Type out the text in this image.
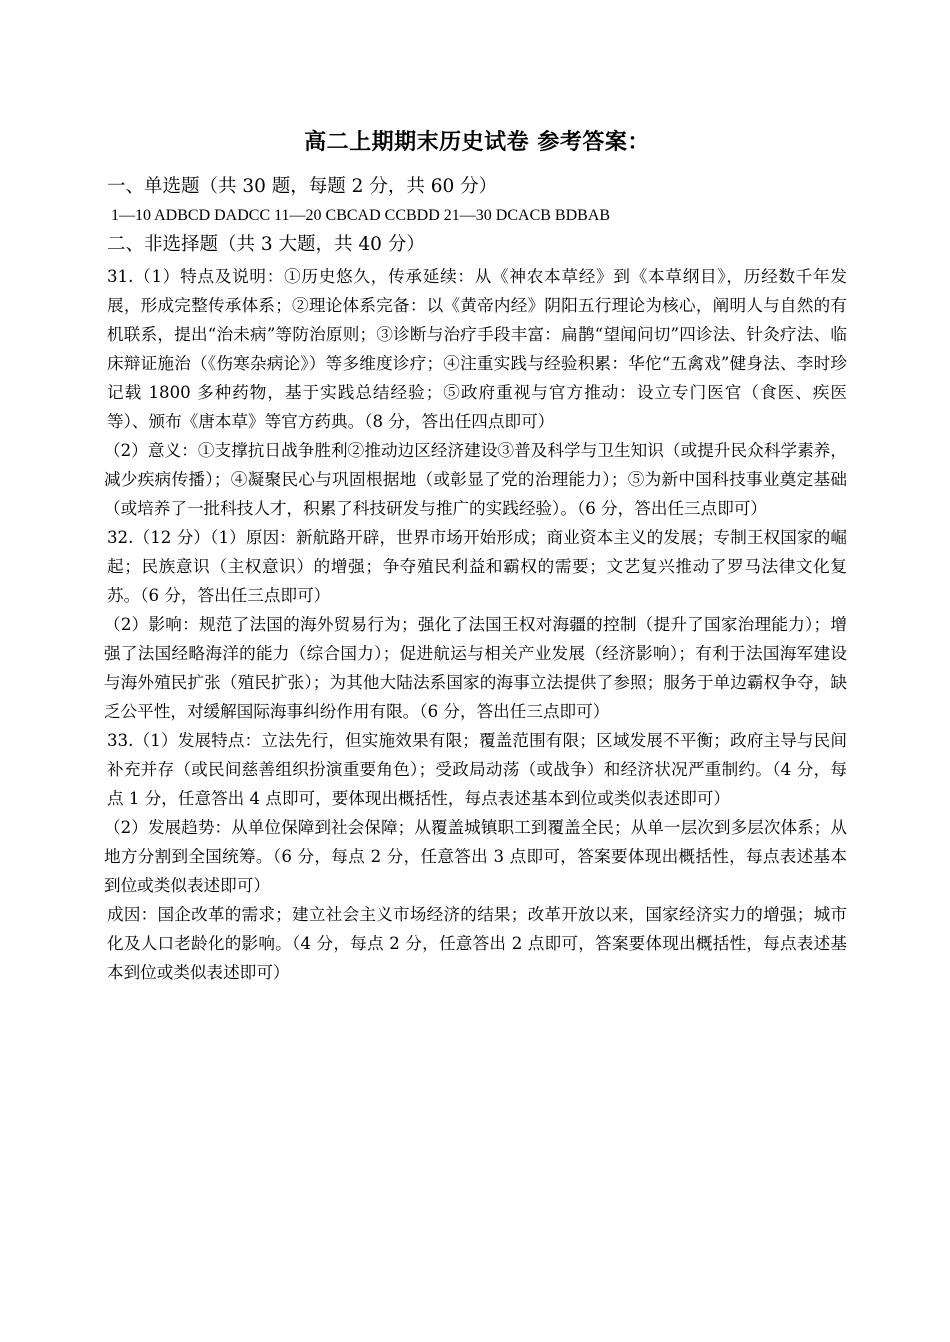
高二上期期末历史试卷 参考答案：
一、单选题（共 30 题，每题 2 分，共 60 分）
1—10 ADBCD DADCC 11—20 CBCAD CCBDD 21—30 DCACB BDBAB
二、非选择题（共 3 大题，共 40 分）

31.（1）特点及说明：①历史悠久，传承延续：从《神农本草经》到《本草纲目》，历经数千年发展，形成完整传承体系；②理论体系完备：以《黄帝内经》阴阳五行理论为核心，阐明人与自然的有机联系，提出“治未病”等防治原则；③诊断与治疗手段丰富：扁鹊“望闻问切”四诊法、针灸疗法、临床辩证施治（《伤寒杂病论》）等多维度诊疗；④注重实践与经验积累：华佗“五禽戏”健身法、李时珍记载 1800 多种药物，基于实践总结经验；⑤政府重视与官方推动：设立专门医官（食医、疾医等）、颁布《唐本草》等官方药典。（8 分，答出任四点即可）

（2）意义：①支撑抗日战争胜利②推动边区经济建设③普及科学与卫生知识（或提升民众科学素养，减少疾病传播）；④凝聚民心与巩固根据地（或彰显了党的治理能力）；⑤为新中国科技事业奠定基础（或培养了一批科技人才，积累了科技研发与推广的实践经验）。（6 分，答出任三点即可）

32.（12 分）（1）原因：新航路开辟，世界市场开始形成；商业资本主义的发展；专制王权国家的崛起；民族意识（主权意识）的增强；争夺殖民利益和霸权的需要；文艺复兴推动了罗马法律文化复苏。（6 分，答出任三点即可）

（2）影响：规范了法国的海外贸易行为；强化了法国王权对海疆的控制（提升了国家治理能力）；增强了法国经略海洋的能力（综合国力）；促进航运与相关产业发展（经济影响）；有利于法国海军建设与海外殖民扩张（殖民扩张）；为其他大陆法系国家的海事立法提供了参照；服务于单边霸权争夺，缺乏公平性，对缓解国际海事纠纷作用有限。（6 分，答出任三点即可）

33.（1）发展特点：立法先行，但实施效果有限；覆盖范围有限；区域发展不平衡；政府主导与民间补充并存（或民间慈善组织扮演重要角色）；受政局动荡（或战争）和经济状况严重制约。（4 分，每点 1 分，任意答出 4 点即可，要体现出概括性，每点表述基本到位或类似表述即可）

（2）发展趋势：从单位保障到社会保障；从覆盖城镇职工到覆盖全民；从单一层次到多层次体系；从地方分割到全国统筹。（6 分，每点 2 分，任意答出 3 点即可，答案要体现出概括性，每点表述基本到位或类似表述即可）

成因：国企改革的需求；建立社会主义市场经济的结果；改革开放以来，国家经济实力的增强；城市化及人口老龄化的影响。（4 分，每点 2 分，任意答出 2 点即可，答案要体现出概括性，每点表述基本到位或类似表述即可）
